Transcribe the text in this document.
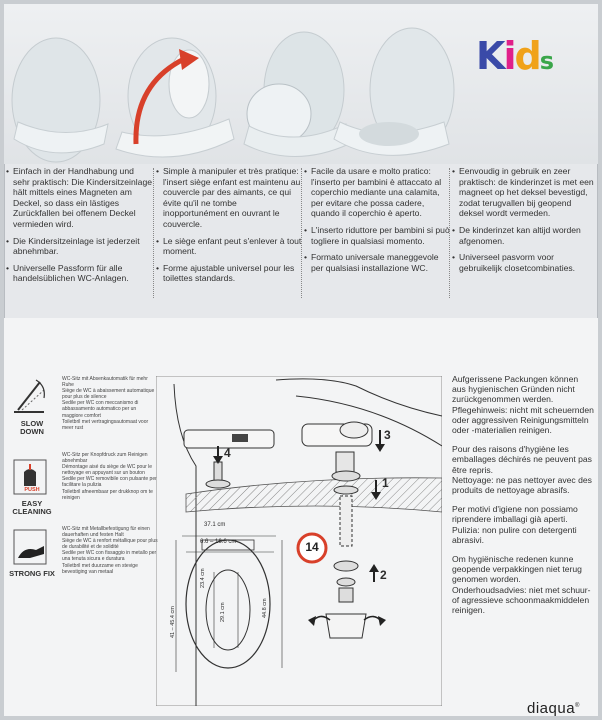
Kids

• Einfach in der Handhabung und sehr praktisch: Die Kindersitzeinlage hält mittels eines Magneten am Deckel, so dass ein lästiges Zurückfallen bei offenem Deckel vermieden wird.

• Die Kindersitzeinlage ist jederzeit abnehmbar.

• Universelle Passform für alle handelsüblichen WC-Anlagen.

• Simple à manipuler et très pratique: l'insert siège enfant est maintenu au couvercle par des aimants, ce qui évite qu'il ne tombe inopportunément en ouvrant le couvercle.

• Le siège enfant peut s'enlever à tout moment.

• Forme ajustable universel pour les toilettes standards.

• Facile da usare e molto pratico: l'inserto per bambini è attaccato al coperchio mediante una calamita, per evitare che possa cadere, quando il coperchio è aperto.

• L'inserto riduttore per bambini si può togliere in qualsiasi momento.

• Formato universale maneggevole per qualsiasi installazione WC.

• Eenvoudig in gebruik en zeer praktisch: de kinderinzet is met een magneet op het deksel bevestigd, zodat terugvallen bij geopend deksel wordt vermeden.

• De kinderinzet kan altijd worden afgenomen.

• Universeel pasvorm voor gebruikelijk closetcombinaties.

SLOW DOWN
WC-Sitz mit Absenkautomatik für mehr Ruhe
Siège de WC à abaissement automatique pour plus de silence
Sedile per WC con meccanismo di abbassamento automatico per un maggiore comfort
Toiletbril met vertragingsautomaat voor meer rust
PUSH
EASY CLEANING
WC-Sitz per Knopfdruck zum Reinigen abnehmbar
Démontage aisé du siège de WC pour le nettoyage en appuyant sur un bouton
Sedile per WC removibile con pulsante per facilitare la pulizia
Toiletbril afneembaar per drukknop om te reinigen
STRONG FIX
WC-Sitz mit Metallbefestigung für einen dauerhaften und festen Halt
Siège de WC à renfort métallique pour plus de durabilité et de solidité
Sedile per WC con fissaggio in metallo per una tenuta sicura e duratura
Toiletbril met duurzame en stevige bevestiging van metaal
37.1 cm
6.6 – 16.6 cm
23.4 cm
29.1 cm	44.8 cm
41 – 45.4 cm
14
3
4
1
2

Aufgerissene Packungen können aus hygienischen Gründen nicht zurückgenommen werden.
Pflegehinweis: nicht mit scheuernden oder aggressiven Reinigungsmitteln oder -materialien reinigen.

Pour des raisons d'hygiène les emballages déchirés ne peuvent pas être repris.
Nettoyage: ne pas nettoyer avec des produits de nettoyage abrasifs.

Per motivi d'igiene non possiamo riprendere imballagi già aperti.
Pulizia: non pulire con detergenti abrasivi.

Om hygiënische redenen kunne geopende verpakkingen niet terug genomen worden.
Onderhoudsadvies: niet met schuur- of agressieve schoonmaakmiddelen reinigen.

diaqua®
